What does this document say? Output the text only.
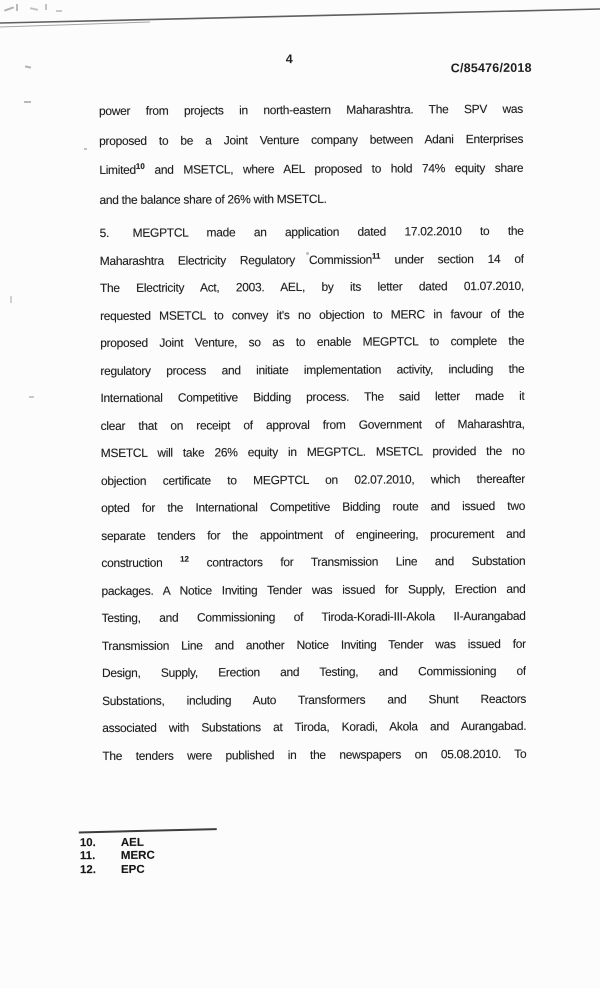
4
C/85476/2018
power from projects in north-eastern Maharashtra. The SPV was
proposed to be a Joint Venture company between Adani Enterprises
Limited$^{10}$ and MSETCL, where AEL proposed to hold 74% equity share
and the balance share of 26% with MSETCL.
5. MEGPTCL made an application dated 17.02.2010 to the
Maharashtra Electricity Regulatory Commission$^{11}$ under section 14 of
The Electricity Act, 2003. AEL, by its letter dated 01.07.2010,
requested MSETCL to convey it's no objection to MERC in favour of the
proposed Joint Venture, so as to enable MEGPTCL to complete the
regulatory process and initiate implementation activity, including the
International Competitive Bidding process. The said letter made it
clear that on receipt of approval from Government of Maharashtra,
MSETCL will take 26% equity in MEGPTCL. MSETCL provided the no
objection certificate to MEGPTCL on 02.07.2010, which thereafter
opted for the International Competitive Bidding route and issued two
separate tenders for the appointment of engineering, procurement and
construction $^{12}$ contractors for Transmission Line and Substation
packages. A Notice Inviting Tender was issued for Supply, Erection and
Testing, and Commissioning of Tiroda-Koradi-III-Akola II-Aurangabad
Transmission Line and another Notice Inviting Tender was issued for
Design, Supply, Erection and Testing, and Commissioning of
Substations, including Auto Transformers and Shunt Reactors
associated with Substations at Tiroda, Koradi, Akola and Aurangabad.
The tenders were published in the newspapers on 05.08.2010. To
10. AEL
11. MERC
12. EPC
